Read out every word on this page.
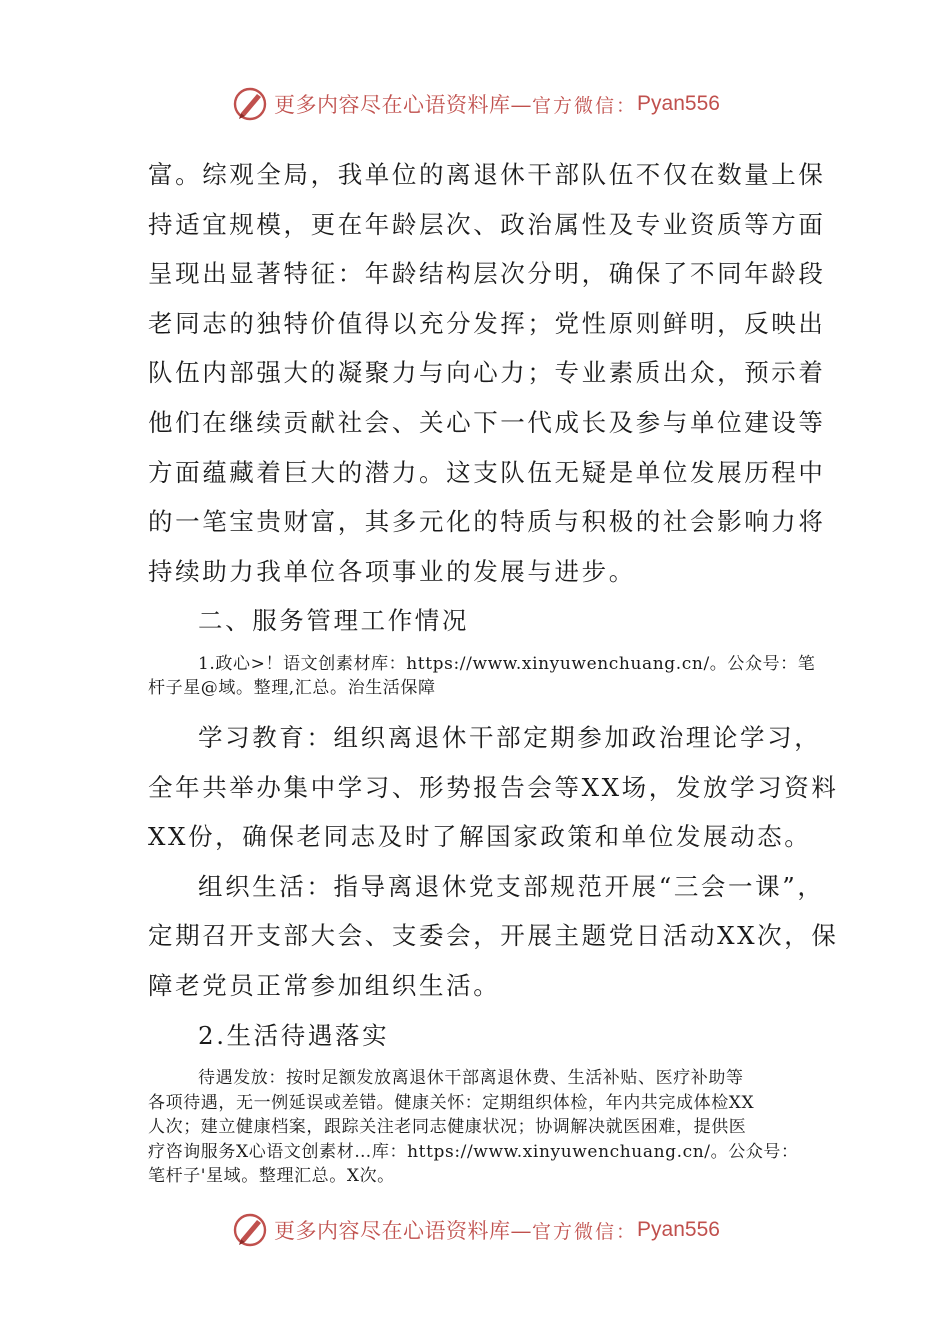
更多内容尽在心语资料库— 官方微信： Pyan556
富。综观全局，我单位的离退休干部队伍不仅在数量上保
持适宜规模，更在年龄层次、政治属性及专业资质等方面
呈现出显著特征：年龄结构层次分明，确保了不同年龄段
老同志的独特价值得以充分发挥；党性原则鲜明，反映出
队伍内部强大的凝聚力与向心力；专业素质出众，预示着
他们在继续贡献社会、关心下一代成长及参与单位建设等
方面蕴藏着巨大的潜力。这支队伍无疑是单位发展历程中
的一笔宝贵财富，其多元化的特质与积极的社会影响力将
持续助力我单位各项事业的发展与进步。
二、服务管理工作情况
1.政心>！语文创素材库：https://www.xinyuwenchuang.cn/。公众号：笔
杆子星@域。整理,汇总。治生活保障
学习教育：组织离退休干部定期参加政治理论学习，
全年共举办集中学习、形势报告会等XX场，发放学习资料
XX份，确保老同志及时了解国家政策和单位发展动态。
组织生活：指导离退休党支部规范开展“三会一课”，
定期召开支部大会、支委会，开展主题党日活动XX次，保
障老党员正常参加组织生活。
2.生活待遇落实
待遇发放：按时足额发放离退休干部离退休费、生活补贴、医疗补助等
各项待遇，无一例延误或差错。健康关怀：定期组织体检，年内共完成体检XX
人次；建立健康档案，跟踪关注老同志健康状况；协调解决就医困难，提供医
疗咨询服务X心语文创素材…库：https://www.xinyuwenchuang.cn/。公众号：
笔杆子'星域。整理汇总。X次。
更多内容尽在心语资料库— 官方微信： Pyan556
